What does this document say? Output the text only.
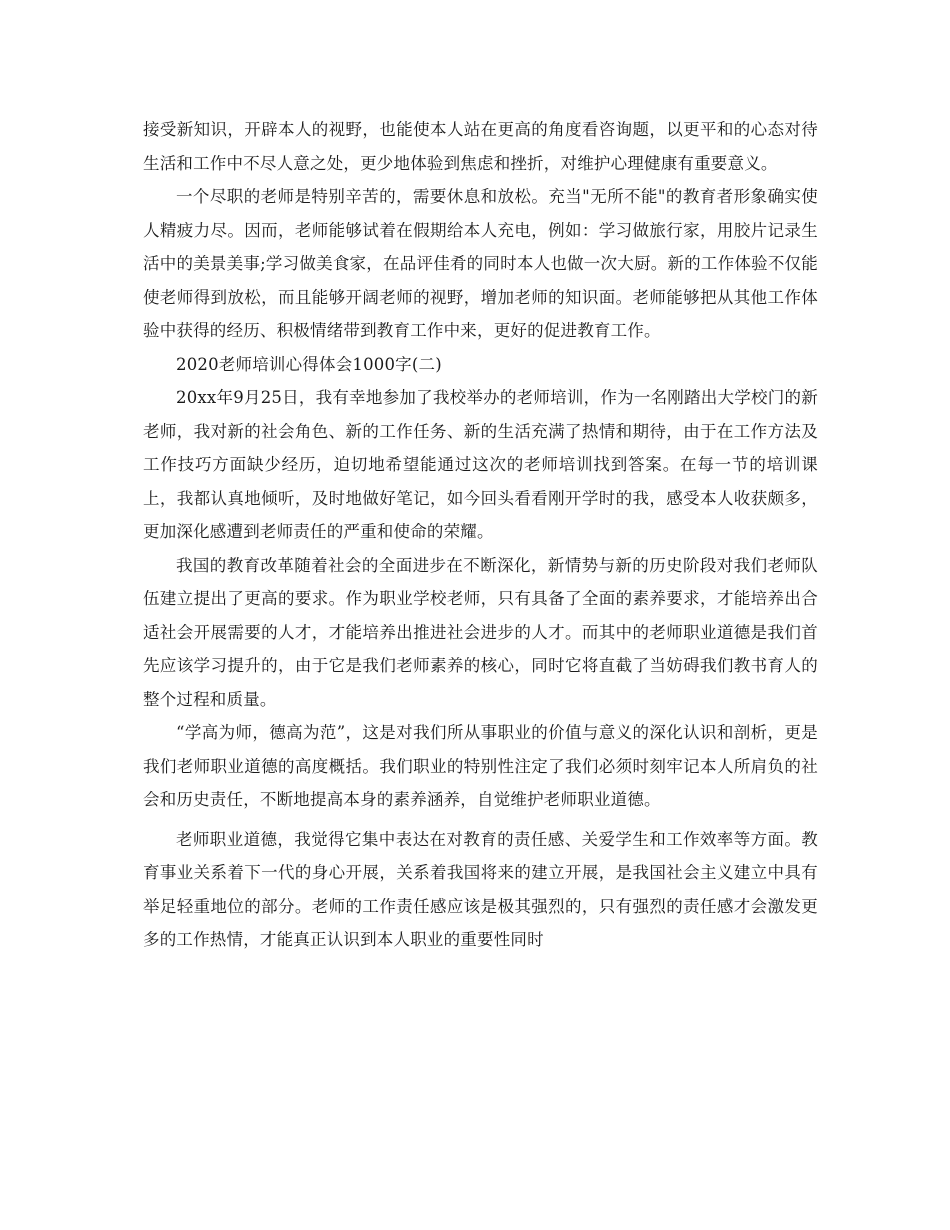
接受新知识，开辟本人的视野，也能使本人站在更高的角度看咨询题，以更平和的心态对待生活和工作中不尽人意之处，更少地体验到焦虑和挫折，对维护心理健康有重要意义。

一个尽职的老师是特别辛苦的，需要休息和放松。充当"无所不能"的教育者形象确实使人精疲力尽。因而，老师能够试着在假期给本人充电，例如：学习做旅行家，用胶片记录生活中的美景美事;学习做美食家，在品评佳肴的同时本人也做一次大厨。新的工作体验不仅能使老师得到放松，而且能够开阔老师的视野，增加老师的知识面。老师能够把从其他工作体验中获得的经历、积极情绪带到教育工作中来，更好的促进教育工作。

2020老师培训心得体会1000字(二)

20xx年9月25日，我有幸地参加了我校举办的老师培训，作为一名刚踏出大学校门的新老师，我对新的社会角色、新的工作任务、新的生活充满了热情和期待，由于在工作方法及工作技巧方面缺少经历，迫切地希望能通过这次的老师培训找到答案。在每一节的培训课上，我都认真地倾听，及时地做好笔记，如今回头看看刚开学时的我，感受本人收获颇多，更加深化感遭到老师责任的严重和使命的荣耀。

我国的教育改革随着社会的全面进步在不断深化，新情势与新的历史阶段对我们老师队伍建立提出了更高的要求。作为职业学校老师，只有具备了全面的素养要求，才能培养出合适社会开展需要的人才，才能培养出推进社会进步的人才。而其中的老师职业道德是我们首先应该学习提升的，由于它是我们老师素养的核心，同时它将直截了当妨碍我们教书育人的整个过程和质量。

“学高为师，德高为范”，这是对我们所从事职业的价值与意义的深化认识和剖析，更是我们老师职业道德的高度概括。我们职业的特别性注定了我们必须时刻牢记本人所肩负的社会和历史责任，不断地提高本身的素养涵养，自觉维护老师职业道德。

老师职业道德，我觉得它集中表达在对教育的责任感、关爱学生和工作效率等方面。教育事业关系着下一代的身心开展，关系着我国将来的建立开展，是我国社会主义建立中具有举足轻重地位的部分。老师的工作责任感应该是极其强烈的，只有强烈的责任感才会激发更多的工作热情，才能真正认识到本人职业的重要性同时
